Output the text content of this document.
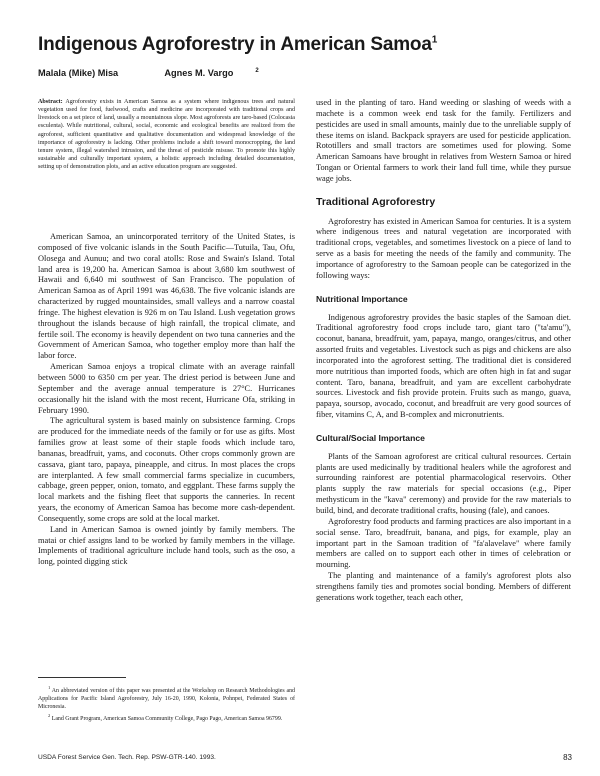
Indigenous Agroforestry in American Samoa$^1$
Malala (Mike) Misa	Agnes M. Vargo	$^2$
Abstract: Agroforestry exists in American Samoa as a system where indigenous trees and natural vegetation used for food, fuelwood, crafts and medicine are incorporated with traditional crops and livestock on a set piece of land, usually a mountainous slope. Most agroforests are taro-based (Colocasia esculenta). While nutritional, cultural, social, economic and ecological benefits are realized from the agroforest, sufficient quantitative and qualitative documentation and widespread knowledge of the importance of agroforestry is lacking. Other problems include a shift toward monocropping, the land tenure system, illegal watershed intrusion, and the threat of pesticide misuse. To promote this highly sustainable and culturally important system, a holistic approach including detailed documentation, setting up of demonstration plots, and an active education program are suggested.

American Samoa, an unincorporated territory of the United States, is composed of five volcanic islands in the South Pacific—Tutuila, Tau, Ofu, Olosega and Aunuu; and two coral atolls: Rose and Swain's Island. Total land area is 19,200 ha. American Samoa is about 3,680 km southwest of Hawaii and 6,640 mi southwest of San Francisco. The population of American Samoa as of April 1991 was 46,638. The five volcanic islands are characterized by rugged mountainsides, small valleys and a narrow coastal fringe. The highest elevation is 926 m on Tau Island. Lush vegetation grows throughout the islands because of high rainfall, the tropical climate, and fertile soil. The economy is heavily dependent on two tuna canneries and the Government of American Samoa, who together employ more than half the labor force.

American Samoa enjoys a tropical climate with an average rainfall between 5000 to 6350 cm per year. The driest period is between June and September and the average annual temperature is 27°C. Hurricanes occasionally hit the island with the most recent, Hurricane Ofa, striking in February 1990.

The agricultural system is based mainly on subsistence farming. Crops are produced for the immediate needs of the family or for use as gifts. Most families grow at least some of their staple foods which include taro, bananas, breadfruit, yams, and coconuts. Other crops commonly grown are cassava, giant taro, papaya, pineapple, and citrus. In most places the crops are interplanted. A few small commercial farms specialize in cucumbers, cabbage, green pepper, onion, tomato, and eggplant. These farms supply the local markets and the fishing fleet that supports the canneries. In recent years, the economy of American Samoa has become more cash-dependent. Consequently, some crops are sold at the local market.

Land in American Samoa is owned jointly by family members. The matai or chief assigns land to be worked by family members in the village. Implements of traditional agriculture include hand tools, such as the oso, a long, pointed digging stick

$^1$ An abbreviated version of this paper was presented at the Workshop on Research Methodologies and Applications for Pacific Island Agroforestry, July 16-20, 1990, Kolonia, Pohnpei, Federated States of Micronesia.

$^2$ Land Grant Program, American Samoa Community College, Pago Pago, American Samoa 96799.

used in the planting of taro. Hand weeding or slashing of weeds with a machete is a common week end task for the family. Fertilizers and pesticides are used in small amounts, mainly due to the unreliable supply of these items on island. Backpack sprayers are used for pesticide application. Rototillers and small tractors are sometimes used for plowing. Some American Samoans have brought in relatives from Western Samoa or hired Tongan or Oriental farmers to work their land full time, while they pursue wage jobs.

Traditional Agroforestry

Agroforestry has existed in American Samoa for centuries. It is a system where indigenous trees and natural vegetation are incorporated with traditional crops, vegetables, and sometimes livestock on a piece of land to serve as a basis for meeting the needs of the family and community. The importance of agroforestry to the Samoan people can be categorized in the following ways:

Nutritional Importance

Indigenous agroforestry provides the basic staples of the Samoan diet. Traditional agroforestry food crops include taro, giant taro ("ta'amu"), coconut, banana, breadfruit, yam, papaya, mango, oranges/citrus, and other assorted fruits and vegetables. Livestock such as pigs and chickens are also incorporated into the agroforest setting. The traditional diet is considered more nutritious than imported foods, which are often high in fat and sugar content. Taro, banana, breadfruit, and yam are excellent carbohydrate sources. Livestock and fish provide protein. Fruits such as mango, guava, papaya, soursop, avocado, coconut, and breadfruit are very good sources of fiber, vitamins C, A, and B-complex and micronutrients.

Cultural/Social Importance

Plants of the Samoan agroforest are critical cultural resources. Certain plants are used medicinally by traditional healers while the agroforest and surrounding rainforest are potential pharmacological reservoirs. Other plants supply the raw materials for special occasions (e.g., Piper methysticum in the "kava" ceremony) and provide for the raw materials to build, bind, and decorate traditional crafts, housing (fale), and canoes.

Agroforestry food products and farming practices are also important in a social sense. Taro, breadfruit, banana, and pigs, for example, play an important part in the Samoan tradition of "fa'alavelave" where family members are called on to support each other in times of celebration or mourning.

The planting and maintenance of a family's agroforest plots also strengthens family ties and promotes social bonding. Members of different generations work together, teach each other,

USDA Forest Service Gen. Tech. Rep. PSW-GTR-140. 1993.	83
